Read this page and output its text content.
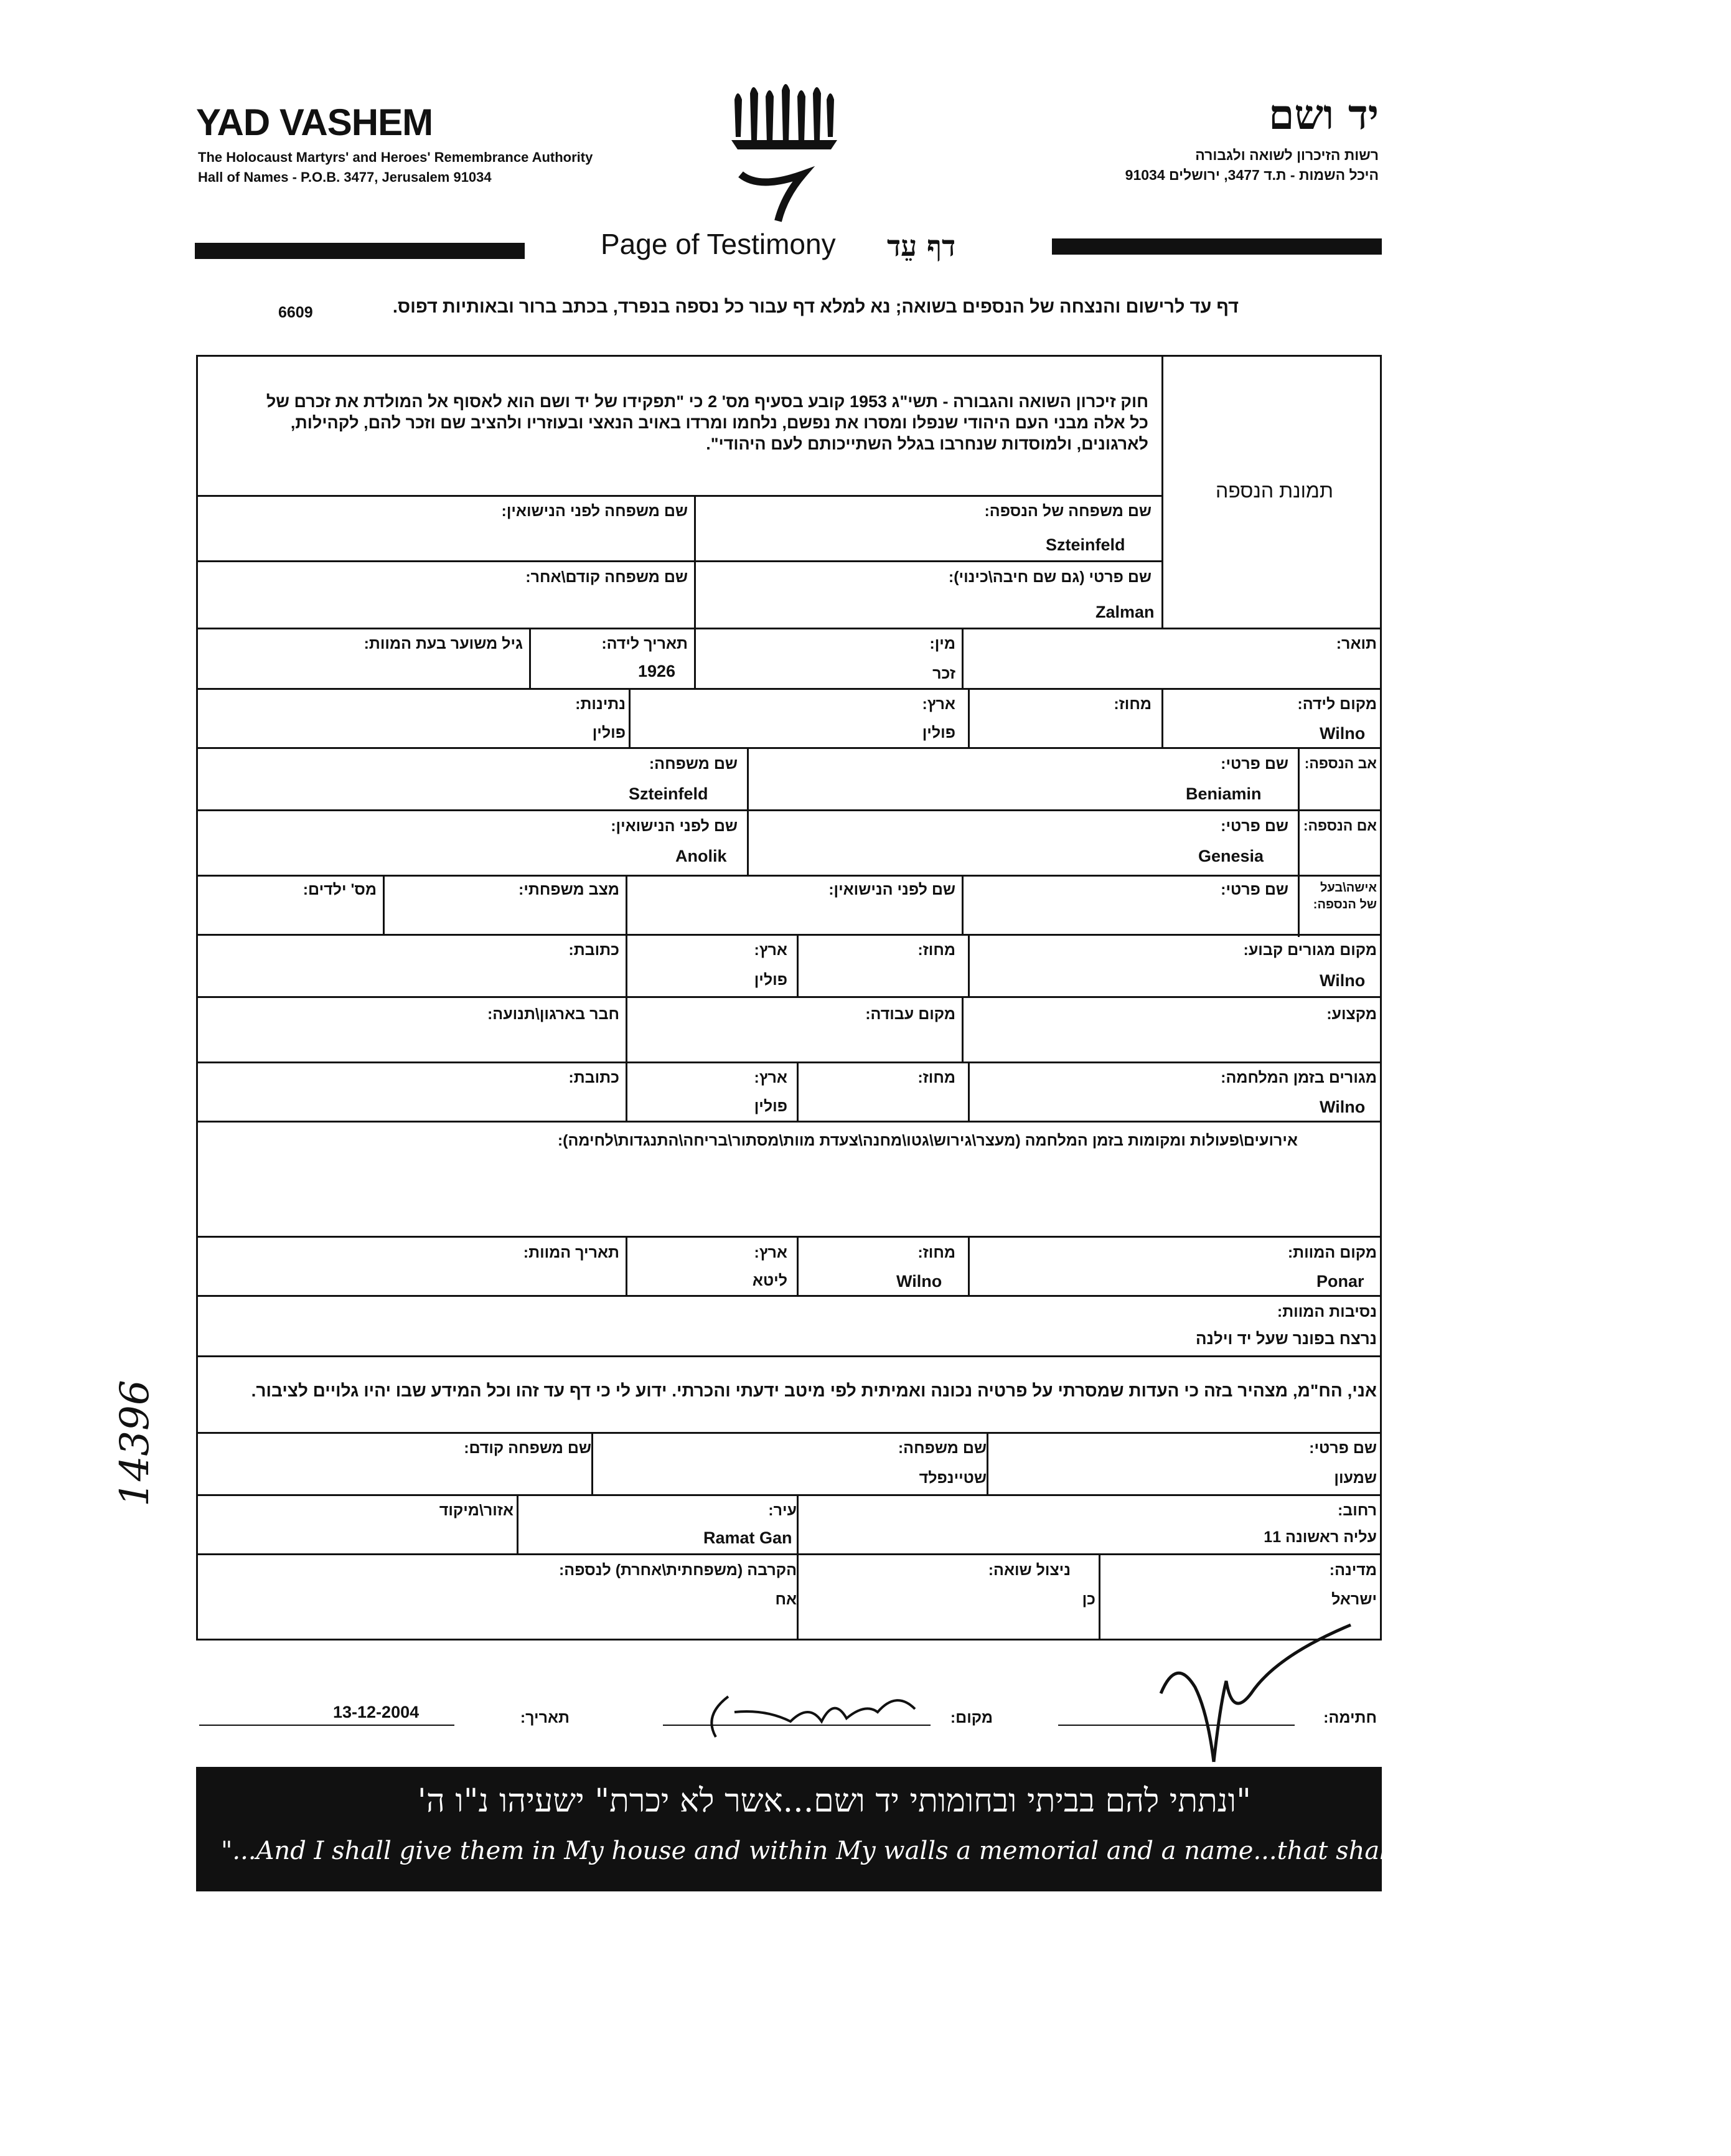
YAD VASHEM
The Holocaust Martyrs' and Heroes' Remembrance Authority
Hall of Names - P.O.B. 3477, Jerusalem 91034
יד ושם
רשות הזיכרון לשואה ולגבורה
היכל השמות - ת.ד 3477, ירושלים 91034
Page of Testimony דף עֵד
דף עד לרישום והנצחה של הנספים בשואה; נא למלא דף עבור כל נספה בנפרד, בכתב ברור ובאותיות דפוס.
6609
תמונת הנספה
חוק זיכרון השואה והגבורה - תשי"ג 1953 קובע בסעיף מס' 2 כי "תפקידו של יד ושם הוא לאסוף אל המולדת את זכרם של
כל אלה מבני העם היהודי שנפלו ומסרו את נפשם, נלחמו ומרדו באויב הנאצי ובעוזריו ולהציב שם וזכר להם, לקהילות,
לארגונים, ולמוסדות שנחרבו בגלל השתייכותם לעם היהודי".
שם משפחה של הנספה:
Szteinfeld
שם משפחה לפני הנישואין:
שם פרטי (גם שם חיבה\כינוי):
Zalman
שם משפחה קודם\אחר:
תואר:
מין:
זכר
תאריך לידה:
1926
גיל משוער בעת המוות:
מקום לידה:
Wilno
מחוז:
ארץ:
פולין
נתינות:
פולין
אב הנספה:
שם פרטי:
Beniamin
שם משפחה:
Szteinfeld
אם הנספה:
שם פרטי:
Genesia
שם לפני הנישואין:
Anolik
אישה\בעל
של הנספה:
שם פרטי:
שם לפני הנישואין:
מצב משפחתי:
מס' ילדים:
מקום מגורים קבוע:
Wilno
מחוז:
ארץ:
פולין
כתובת:
מקצוע:
מקום עבודה:
חבר בארגון\תנועה:
מגורים בזמן המלחמה:
Wilno
מחוז:
ארץ:
פולין
כתובת:
אירועים\פעולות ומקומות בזמן המלחמה (מעצר\גירוש\גטו\מחנה\צעדת מוות\מסתור\בריחה\התנגדות\לחימה):
מקום המוות:
Ponar
מחוז:
Wilno
ארץ:
ליטא
תאריך המוות:
נסיבות המוות:
נרצח בפונר שעל יד וילנה
אני, הח"מ, מצהיר בזה כי העדות שמסרתי על פרטיה נכונה ואמיתית לפי מיטב ידעתי והכרתי. ידוע לי כי דף עד זהו וכל המידע שבו יהיו גלויים לציבור.
שם פרטי:
שמעון
שם משפחה:
שטיינפלד
שם משפחה קודם:
רחוב:
עליה ראשונה 11
עיר:
Ramat Gan
אזור\מיקוד
מדינה:
ישראל
ניצול שואה:
כן
הקרבה (משפחתית\אחרת) לנספה:
אח
14396
חתימה:
מקום:
תאריך:
13-12-2004
"ונתתי להם בביתי ובחומותי יד ושם...אשר לא יכרת" ישעיהו נ"ו ה'
"...And I shall give them in My house and within My walls a memorial and a name...that shall not be cut off" Isaiah 56:5
